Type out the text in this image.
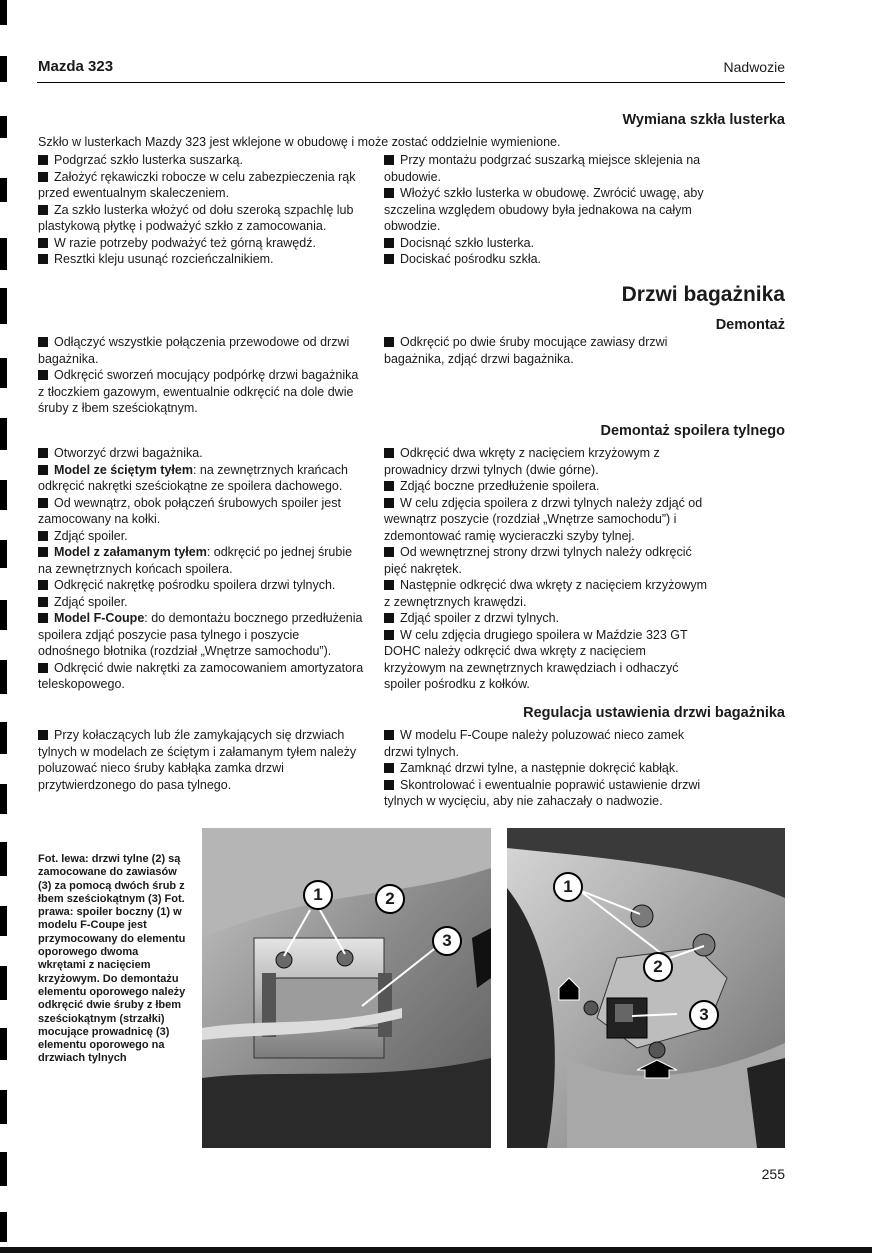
Mazda 323	Nadwozie
Wymiana szkła lusterka
Szkło w lusterkach Mazdy 323 jest wklejone w obudowę i może zostać oddzielnie wymienione.

Podgrzać szkło lusterka suszarką.

Założyć rękawiczki robocze w celu zabezpieczenia rąk przed ewentualnym skaleczeniem.

Za szkło lusterka włożyć od dołu szeroką szpachlę lub plastykową płytkę i podważyć szkło z zamocowania.

W razie potrzeby podważyć też górną krawędź.

Resztki kleju usunąć rozcieńczalnikiem.

Przy montażu podgrzać suszarką miejsce sklejenia na obudowie.

Włożyć szkło lusterka w obudowę. Zwrócić uwagę, aby szczelina względem obudowy była jednakowa na całym obwodzie.

Docisnąć szkło lusterka.

Dociskać pośrodku szkła.

Drzwi bagażnika
Demontaż

Odłączyć wszystkie połączenia przewodowe od drzwi bagażnika.

Odkręcić sworzeń mocujący podpórkę drzwi bagażnika z tłoczkiem gazowym, ewentualnie odkręcić na dole dwie śruby z łbem sześciokątnym.

Odkręcić po dwie śruby mocujące zawiasy drzwi bagażnika, zdjąć drzwi bagażnika.

Demontaż spoilera tylnego

Otworzyć drzwi bagażnika.

Model ze ściętym tyłem: na zewnętrznych krańcach odkręcić nakrętki sześciokątne ze spoilera dachowego.

Od wewnątrz, obok połączeń śrubowych spoiler jest zamocowany na kołki.

Zdjąć spoiler.

Model z załamanym tyłem: odkręcić po jednej śrubie na zewnętrznych końcach spoilera.

Odkręcić nakrętkę pośrodku spoilera drzwi tylnych.

Zdjąć spoiler.

Model F-Coupe: do demontażu bocznego przedłużenia spoilera zdjąć poszycie pasa tylnego i poszycie odnośnego błotnika (rozdział „Wnętrze samochodu”).

Odkręcić dwie nakrętki za zamocowaniem amortyzatora teleskopowego.

Odkręcić dwa wkręty z nacięciem krzyżowym z prowadnicy drzwi tylnych (dwie górne).

Zdjąć boczne przedłużenie spoilera.

W celu zdjęcia spoilera z drzwi tylnych należy zdjąć od wewnątrz poszycie (rozdział „Wnętrze samochodu”) i zdemontować ramię wycieraczki szyby tylnej.

Od wewnętrznej strony drzwi tylnych należy odkręcić pięć nakrętek.

Następnie odkręcić dwa wkręty z nacięciem krzyżowym z zewnętrznych krawędzi.

Zdjąć spoiler z drzwi tylnych.

W celu zdjęcia drugiego spoilera w Maździe 323 GT DOHC należy odkręcić dwa wkręty z nacięciem krzyżowym na zewnętrznych krawędziach i odhaczyć spoiler pośrodku z kołków.

Regulacja ustawienia drzwi bagażnika

Przy kołaczących lub źle zamykających się drzwiach tylnych w modelach ze ściętym i załamanym tyłem należy poluzować nieco śruby kabłąka zamka drzwi przytwierdzonego do pasa tylnego.

W modelu F-Coupe należy poluzować nieco zamek drzwi tylnych.

Zamknąć drzwi tylne, a następnie dokręcić kabłąk.

Skontrolować i ewentualnie poprawić ustawienie drzwi tylnych w wycięciu, aby nie zahaczały o nadwozie.

Fot. lewa: drzwi tylne (2) są zamocowane do zawiasów (3) za pomocą dwóch śrub z łbem sześciokątnym (3) Fot. prawa: spoiler boczny (1) w modelu F-Coupe jest przymocowany do elementu oporowego dwoma wkrętami z nacięciem krzyżowym. Do demontażu elementu oporowego należy odkręcić dwie śruby z łbem sześciokątnym (strzałki) mocujące prowadnicę (3) elementu oporowego na drzwiach tylnych
1	2
3
1
2
3
255
